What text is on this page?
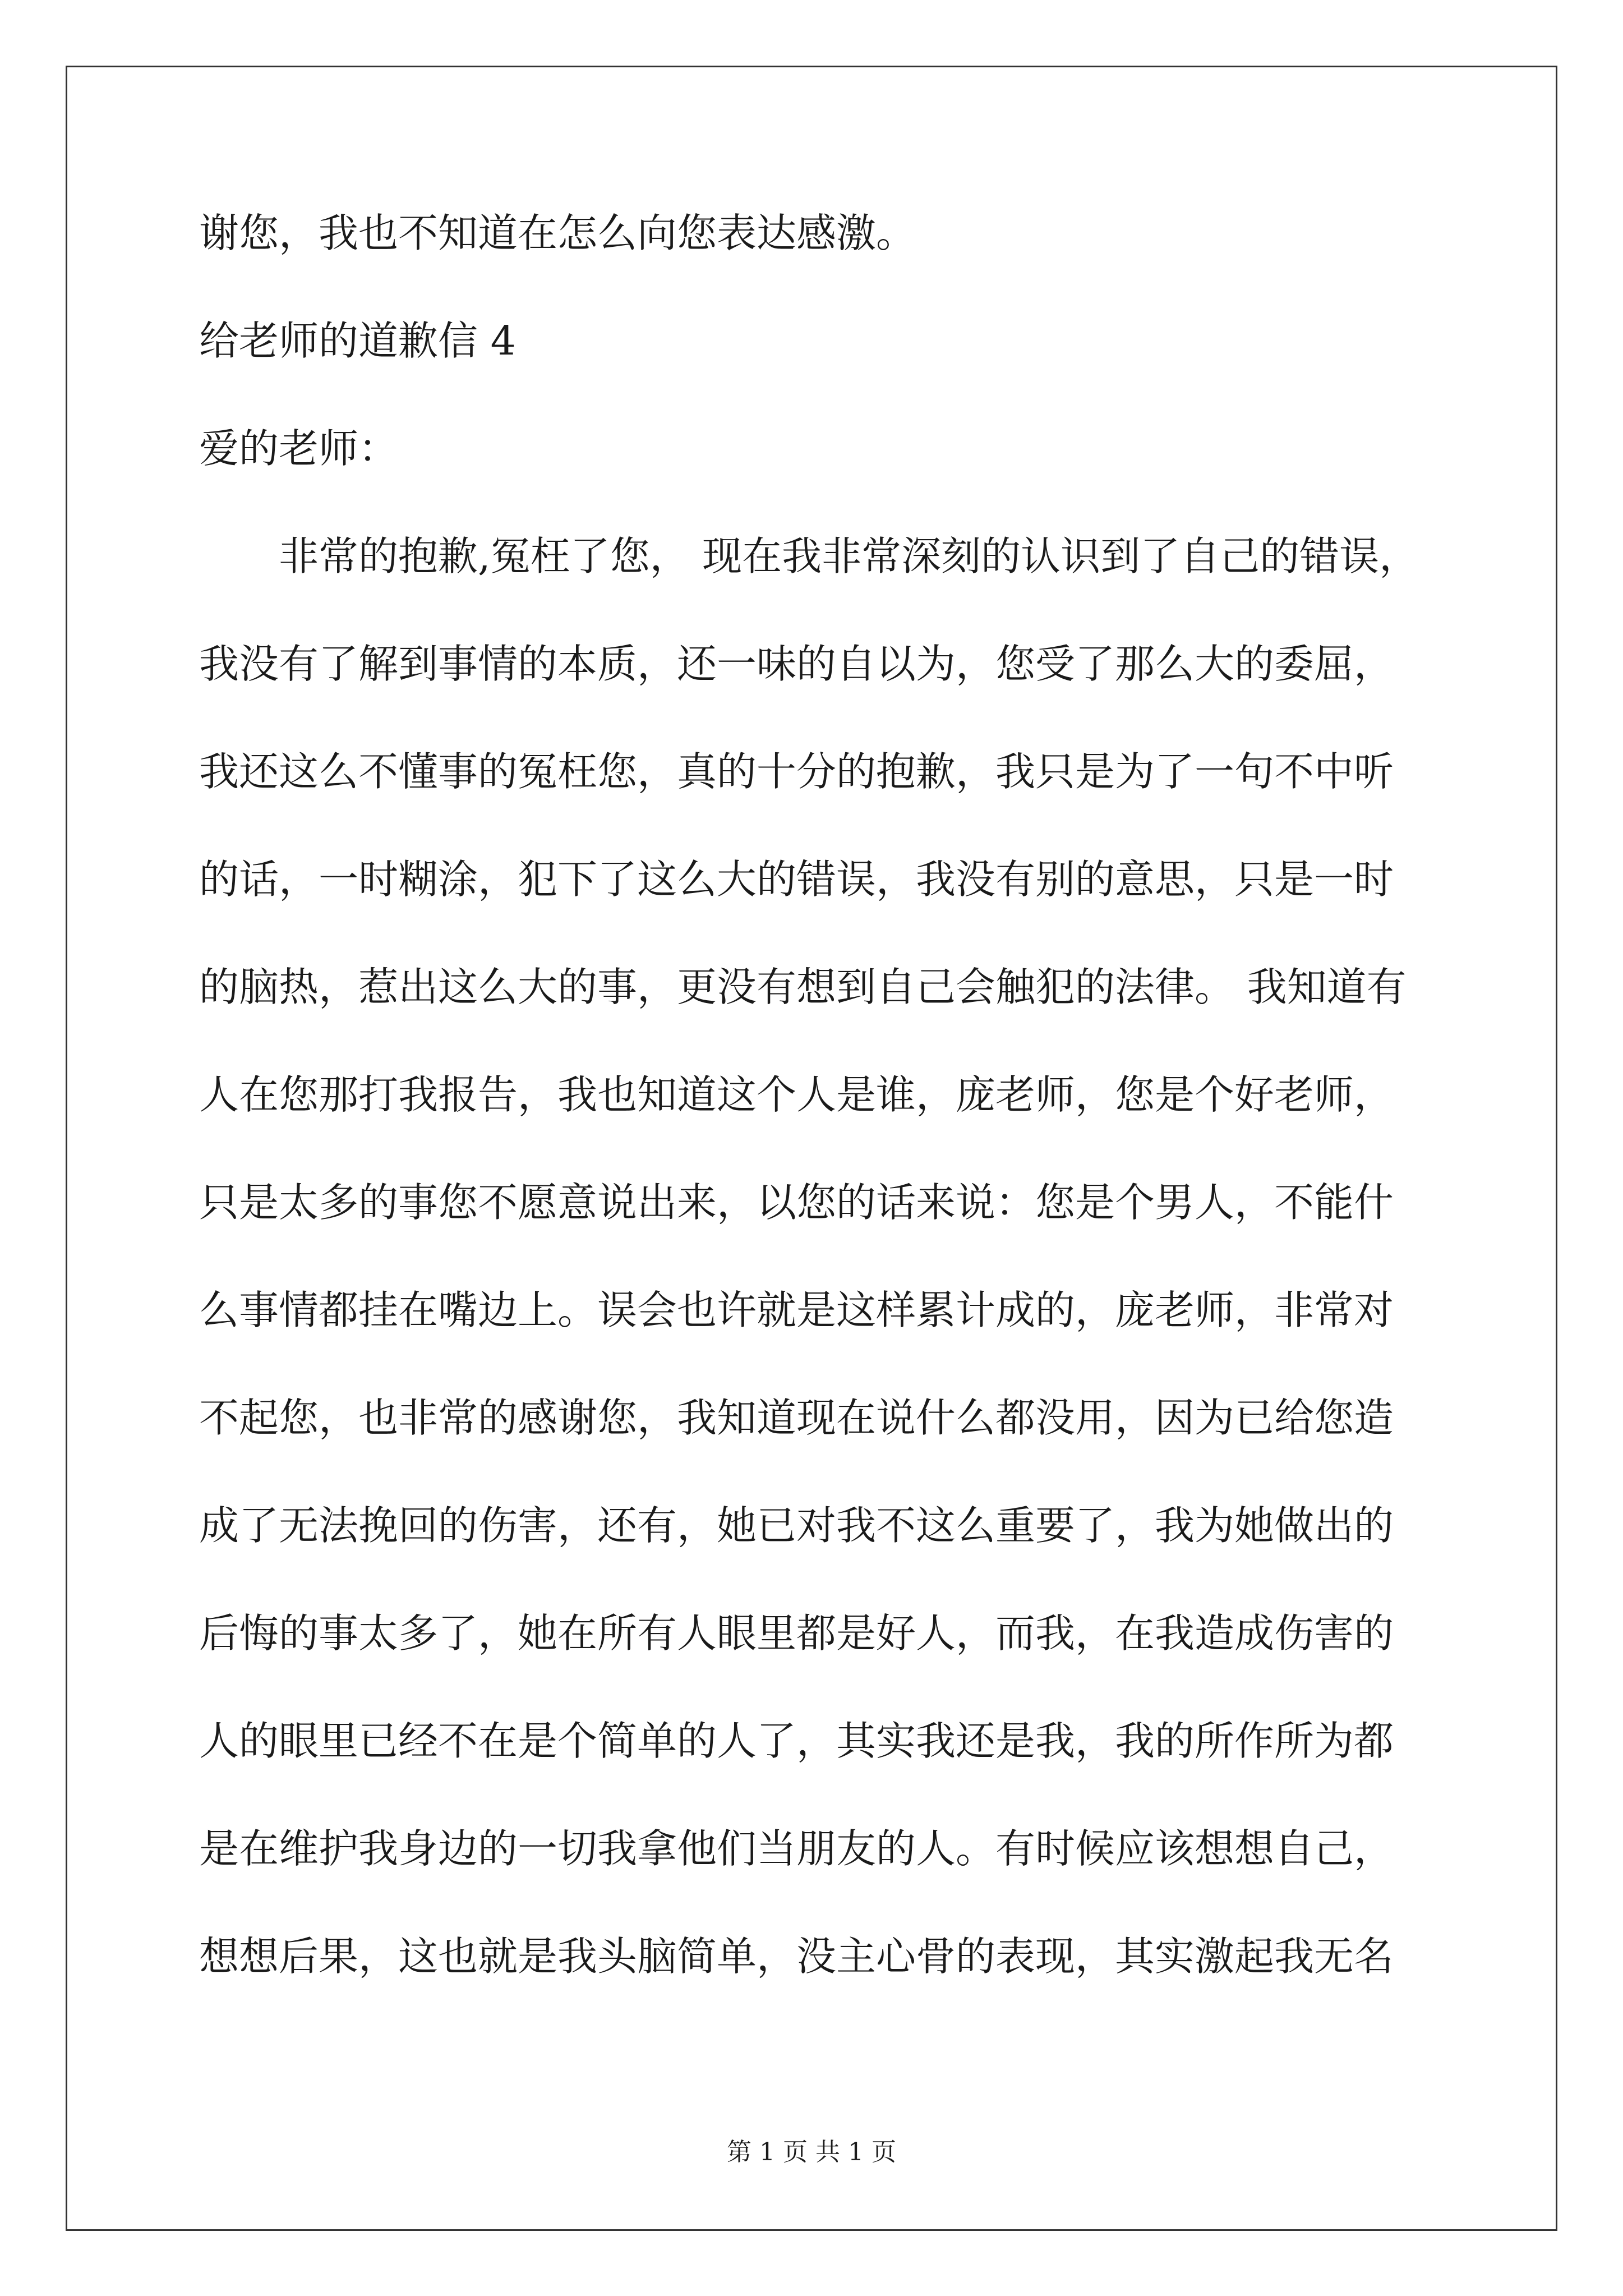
谢您，我也不知道在怎么向您表达感激。
给老师的道歉信 4
爱的老师：
非常的抱歉,冤枉了您， 现在我非常深刻的认识到了自己的错误，
我没有了解到事情的本质，还一味的自以为，您受了那么大的委屈，
我还这么不懂事的冤枉您，真的十分的抱歉，我只是为了一句不中听
的话，一时糊涂，犯下了这么大的错误，我没有别的意思，只是一时
的脑热，惹出这么大的事，更没有想到自己会触犯的法律。 我知道有
人在您那打我报告，我也知道这个人是谁，庞老师，您是个好老师，
只是太多的事您不愿意说出来，以您的话来说：您是个男人，不能什
么事情都挂在嘴边上。误会也许就是这样累计成的，庞老师，非常对
不起您，也非常的感谢您，我知道现在说什么都没用，因为已给您造
成了无法挽回的伤害，还有，她已对我不这么重要了，我为她做出的
后悔的事太多了，她在所有人眼里都是好人，而我，在我造成伤害的
人的眼里已经不在是个简单的人了，其实我还是我，我的所作所为都
是在维护我身边的一切我拿他们当朋友的人。有时候应该想想自己，
想想后果，这也就是我头脑简单，没主心骨的表现，其实激起我无名
第 1 页 共 1 页
